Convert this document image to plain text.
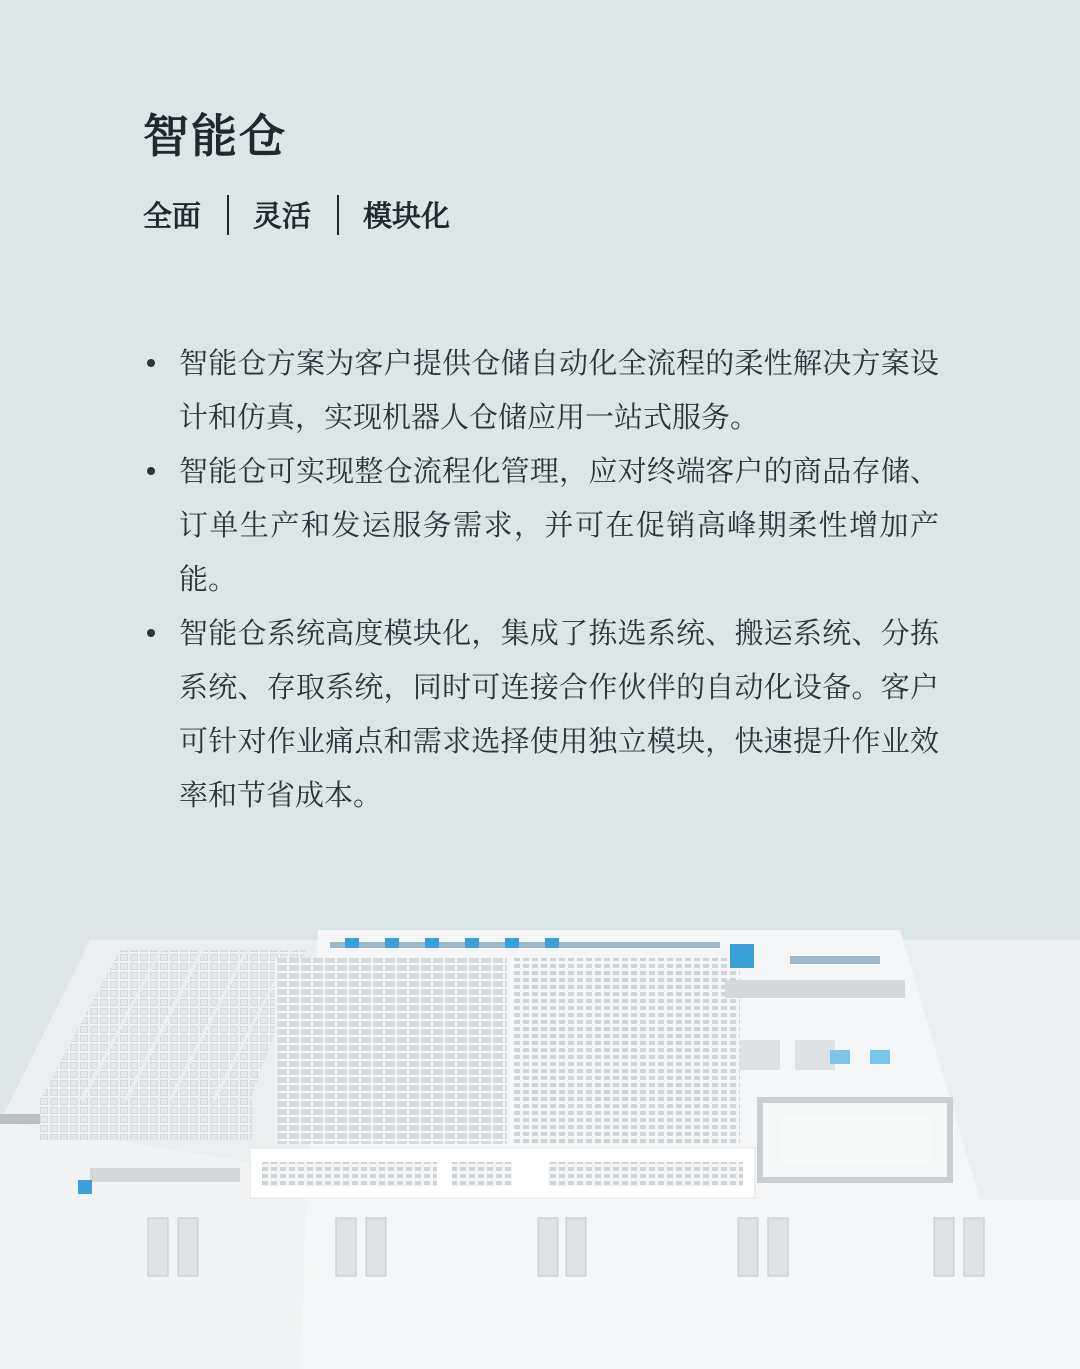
智能仓
全面 灵活 模块化
智能仓方案为客户提供仓储自动化全流程的柔性解决方案设计和仿真，实现机器人仓储应用一站式服务。
智能仓可实现整仓流程化管理，应对终端客户的商品存储、订单生产和发运服务需求，并可在促销高峰期柔性增加产能。
智能仓系统高度模块化，集成了拣选系统、搬运系统、分拣系统、存取系统，同时可连接合作伙伴的自动化设备。客户可针对作业痛点和需求选择使用独立模块，快速提升作业效率和节省成本。
